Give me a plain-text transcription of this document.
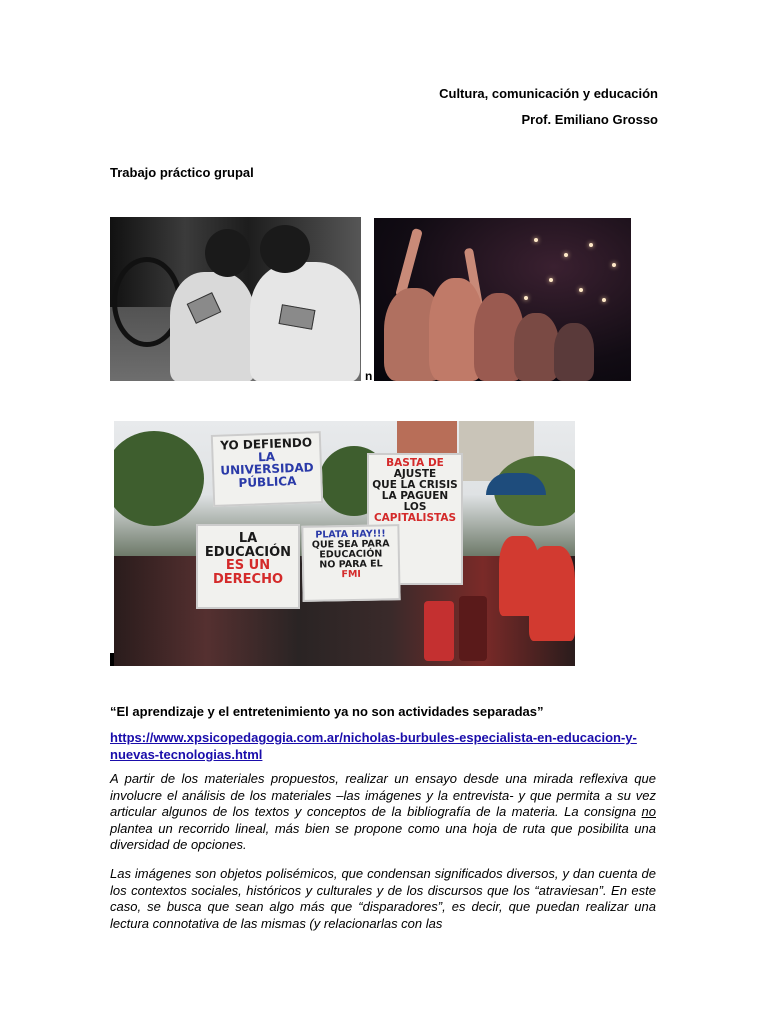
Cultura, comunicación y educación
Prof. Emiliano Grosso
Trabajo práctico grupal
n
YO DEFIENDO
LA UNIVERSIDAD
PÚBLICA
BASTA DE
AJUSTE
QUE LA CRISIS
LA PAGUEN
LOS
CAPITALISTAS
LA EDUCACIÓN
ES UN
DERECHO
PLATA HAY!!!
QUE SEA PARA EDUCACIÓN
NO PARA EL
FMI
“El aprendizaje y el entretenimiento ya no son actividades separadas”
https://www.xpsicopedagogia.com.ar/nicholas-burbules-especialista-en-educacion-y-nuevas-tecnologias.html

A partir de los materiales propuestos, realizar un ensayo desde una mirada reflexiva que involucre el análisis de los materiales –las imágenes y la entrevista- y que permita a su vez articular algunos de los textos y conceptos de la bibliografía de la materia. La consigna no plantea un recorrido lineal, más bien se propone como una hoja de ruta que posibilita una diversidad de opciones.

Las imágenes son objetos polisémicos, que condensan significados diversos, y dan cuenta de los contextos sociales, históricos y culturales y de los discursos que los “atraviesan”. En este caso, se busca que sean algo más que “disparadores”, es decir, que puedan realizar una lectura connotativa de las mismas (y relacionarlas con las
